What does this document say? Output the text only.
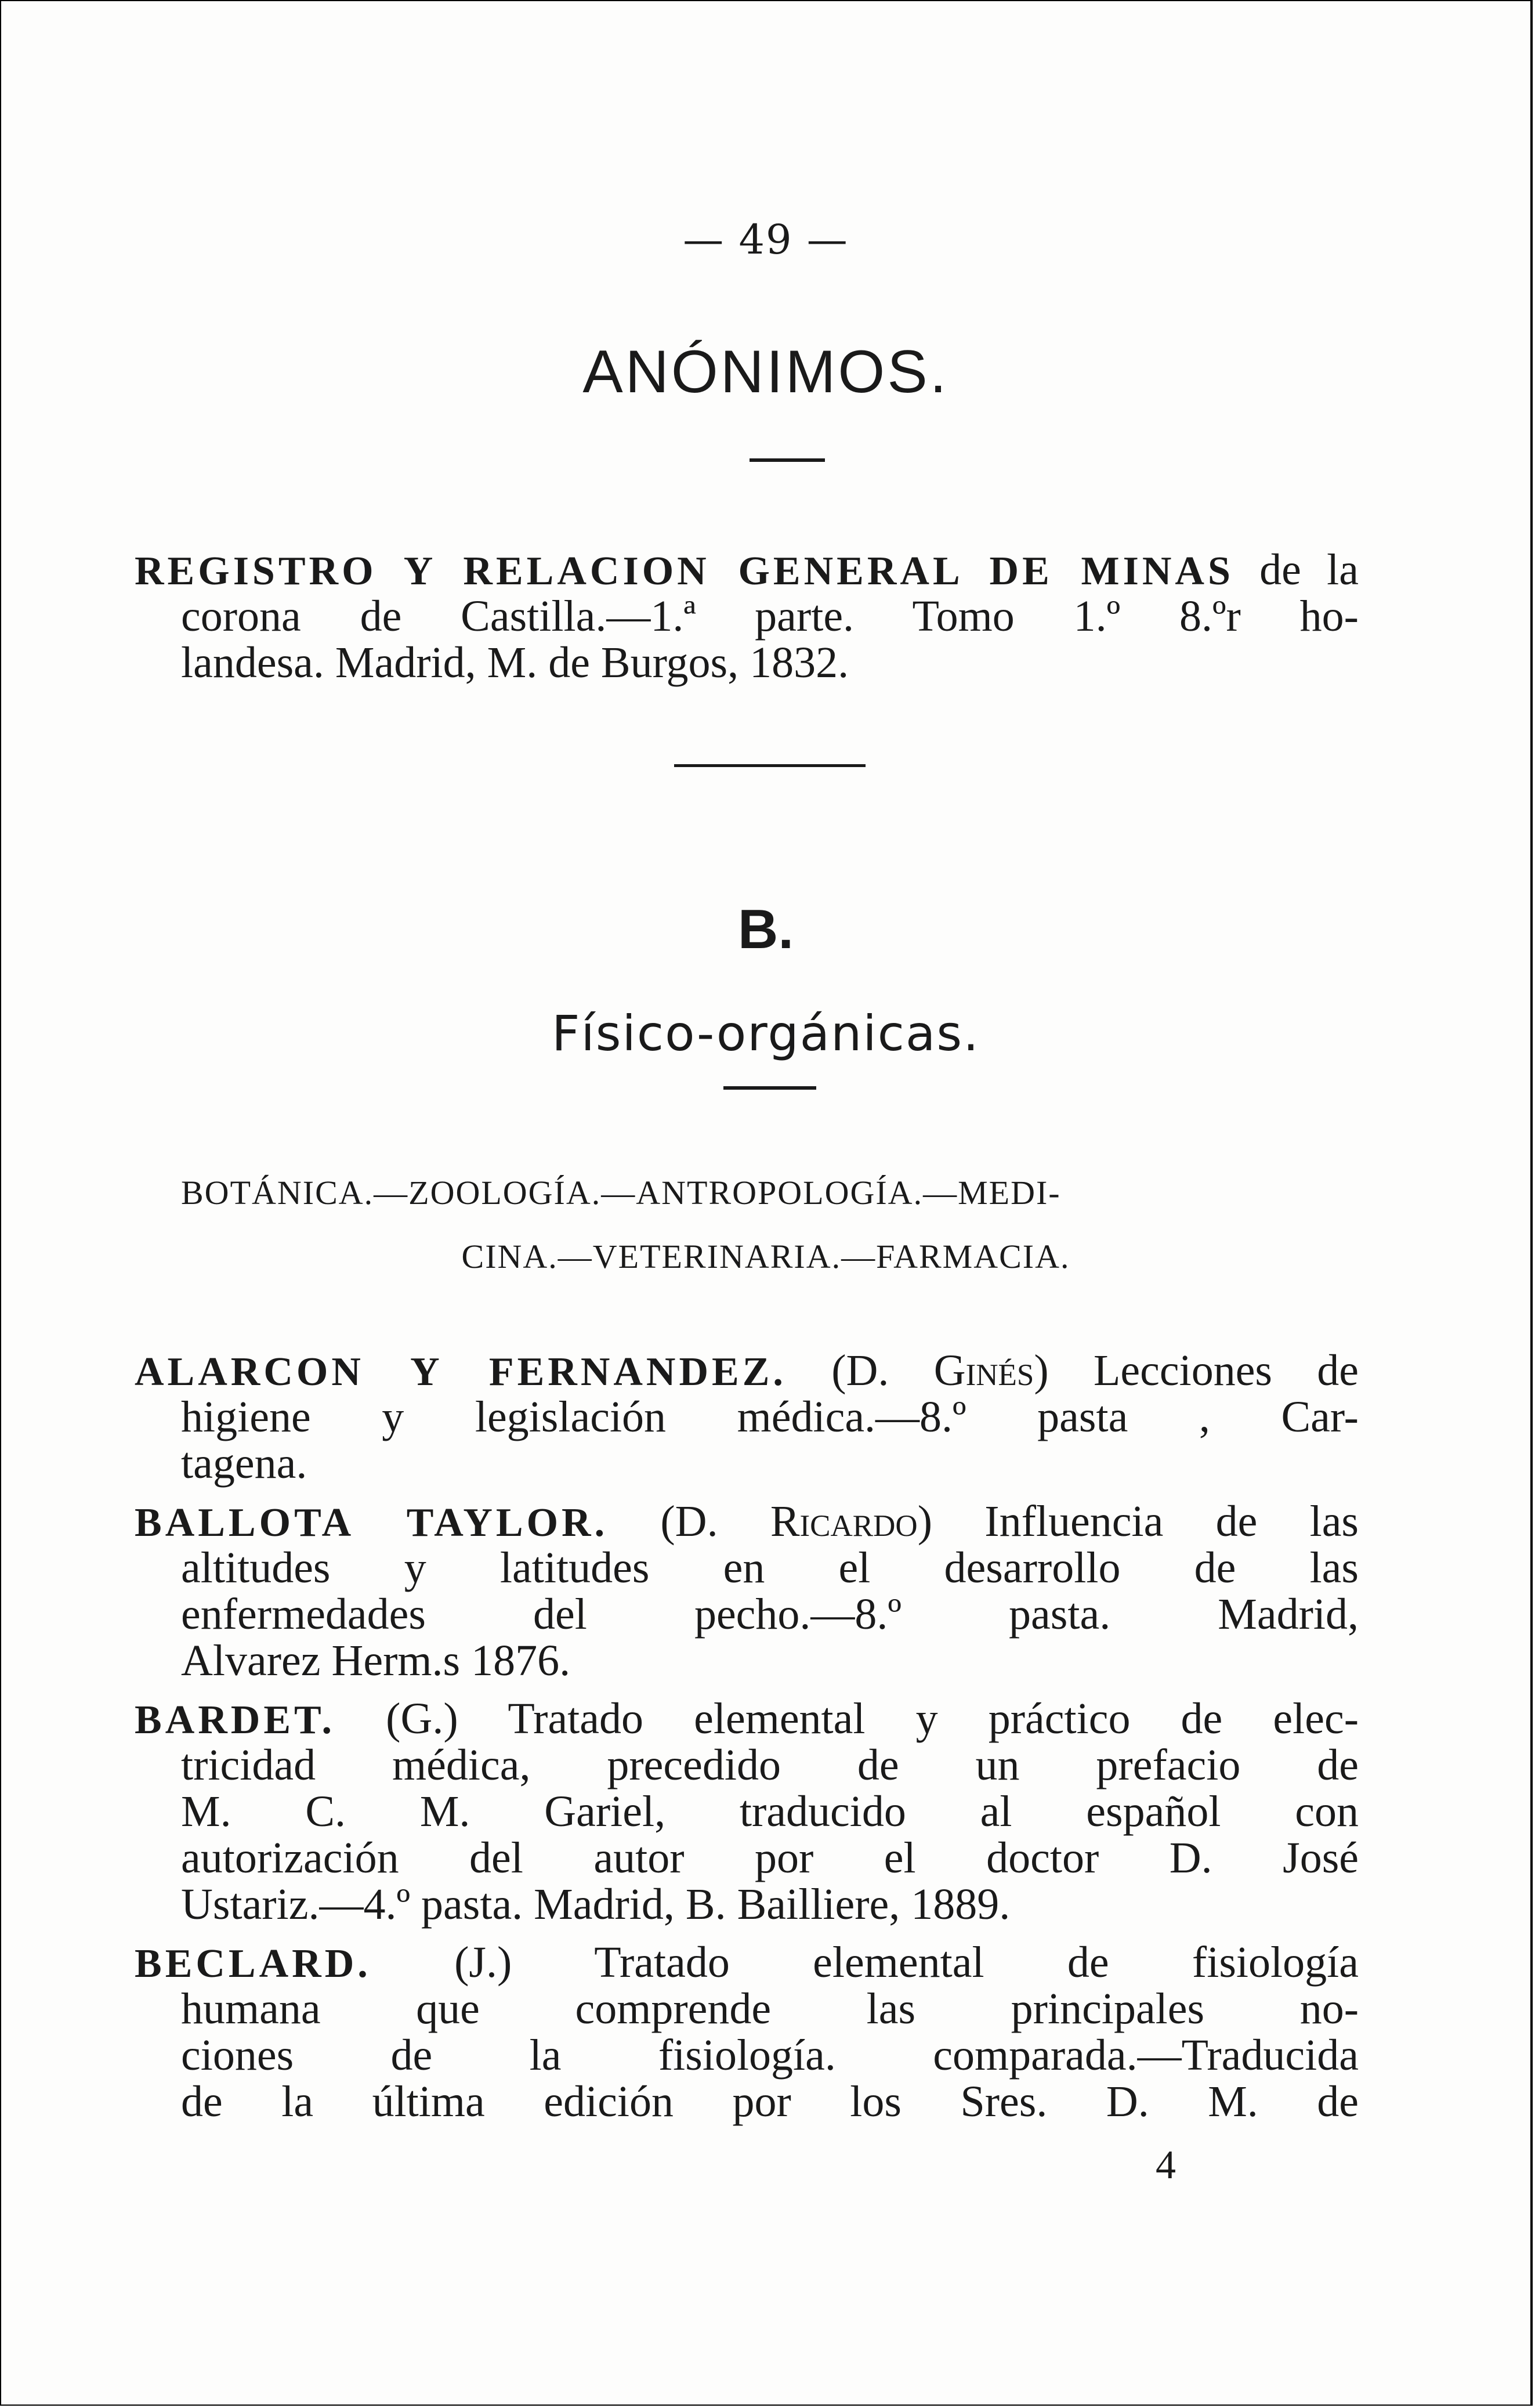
— 49 —
ANÓNIMOS.
REGISTRO Y RELACION GENERAL DE MINAS de la
corona de Castilla.—1.ª parte. Tomo 1.º 8.ºr ho-
landesa. Madrid, M. de Burgos, 1832.
B.
Físico-orgánicas.
BOTÁNICA.—ZOOLOGÍA.—ANTROPOLOGÍA.—MEDI-
CINA.—VETERINARIA.—FARMACIA.
ALARCON Y FERNANDEZ. (D. Ginés) Lecciones de
higiene y legislación médica.—8.º pasta , Car-
tagena.
BALLOTA TAYLOR. (D. Ricardo) Influencia de las
altitudes y latitudes en el desarrollo de las
enfermedades del pecho.—8.º pasta. Madrid,
Alvarez Herm.s 1876.
BARDET. (G.) Tratado elemental y práctico de elec-
tricidad médica, precedido de un prefacio de
M. C. M. Gariel, traducido al español con
autorización del autor por el doctor D. José
Ustariz.—4.º pasta. Madrid, B. Bailliere, 1889.
BECLARD. (J.) Tratado elemental de fisiología
humana que comprende las principales no-
ciones de la fisiología. comparada.—Traducida
de la última edición por los Sres. D. M. de
4
